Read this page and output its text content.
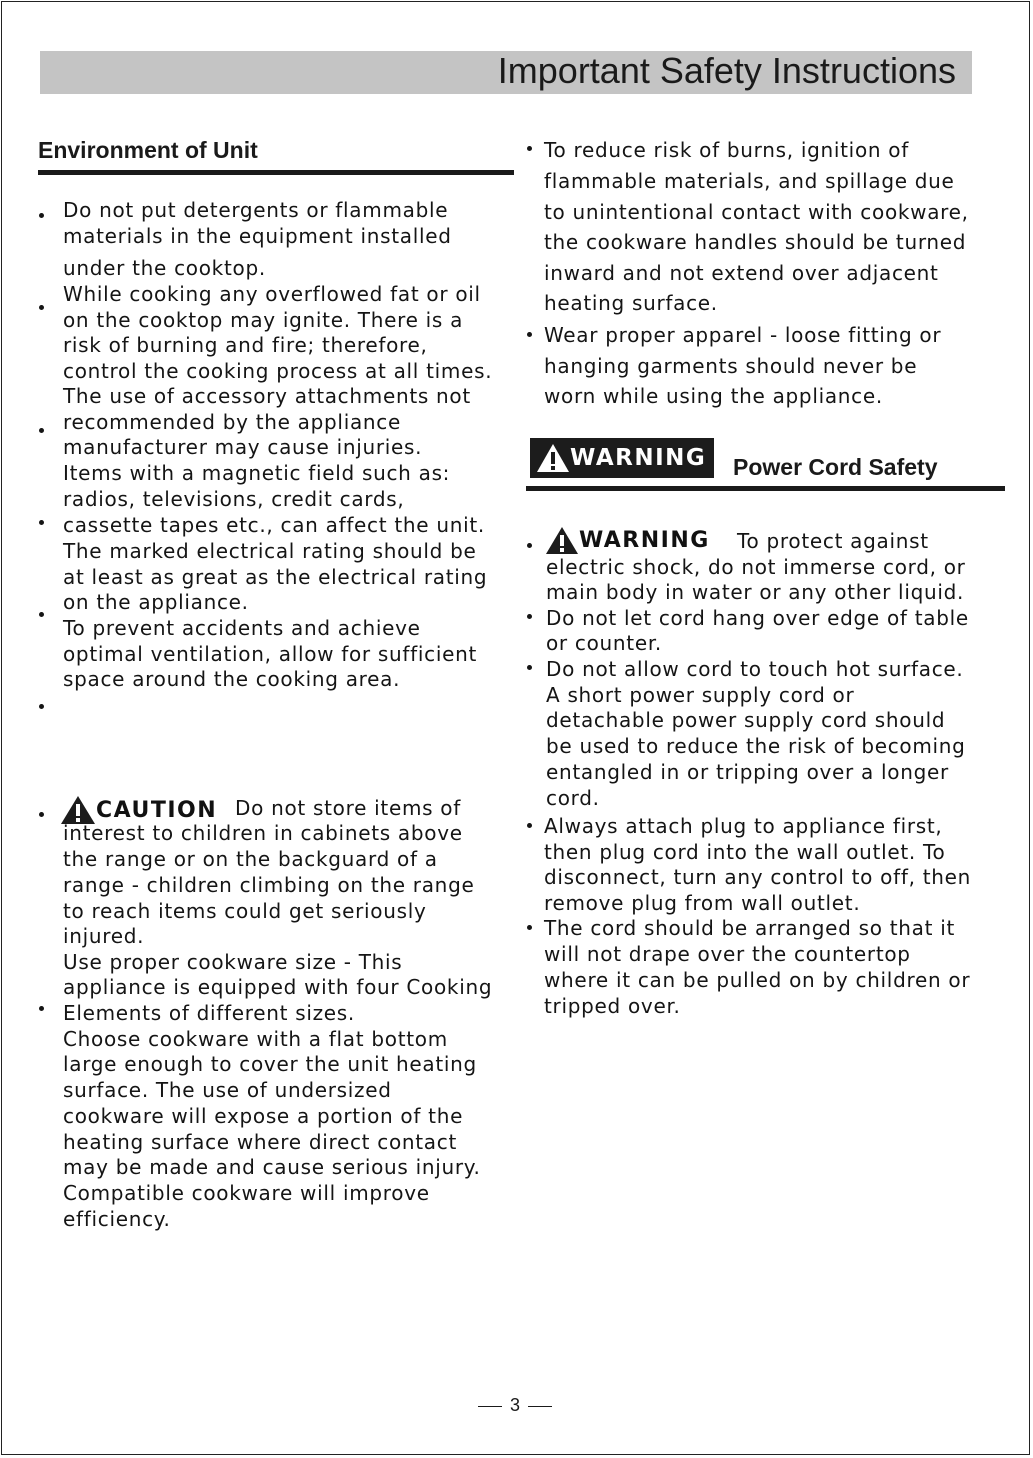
Important Safety Instructions
Environment of Unit
Do not put detergents or flammable
materials in the equipment installed
under the cooktop.
While cooking any overflowed fat or oil
on the cooktop may ignite. There is a
risk of burning and fire; therefore,
control the cooking process at all times.
The use of accessory attachments not
recommended by the appliance
manufacturer may cause injuries.
Items with a magnetic field such as:
radios, televisions, credit cards,
cassette tapes etc., can affect the unit.
The marked electrical rating should be
at least as great as the electrical rating
on the appliance.
To prevent accidents and achieve
optimal ventilation, allow for sufficient
space around the cooking area.
CAUTION Do not store items of
interest to children in cabinets above
the range or on the backguard of a
range - children climbing on the range
to reach items could get seriously
injured.
Use proper cookware size - This
appliance is equipped with four Cooking
Elements of different sizes.
Choose cookware with a flat bottom
large enough to cover the unit heating
surface. The use of undersized
cookware will expose a portion of the
heating surface where direct contact
may be made and cause serious injury.
Compatible cookware will improve
efficiency.
To reduce risk of burns, ignition of
flammable materials, and spillage due
to unintentional contact with cookware,
the cookware handles should be turned
inward and not extend over adjacent
heating surface.
Wear proper apparel - loose fitting or
hanging garments should never be
worn while using the appliance.
WARNING Power Cord Safety
WARNING To protect against
electric shock, do not immerse cord, or
main body in water or any other liquid.
Do not let cord hang over edge of table
or counter.
Do not allow cord to touch hot surface.
A short power supply cord or
detachable power supply cord should
be used to reduce the risk of becoming
entangled in or tripping over a longer
cord.
Always attach plug to appliance first,
then plug cord into the wall outlet. To
disconnect, turn any control to off, then
remove plug from wall outlet.
The cord should be arranged so that it
will not drape over the countertop
where it can be pulled on by children or
tripped over.
3
